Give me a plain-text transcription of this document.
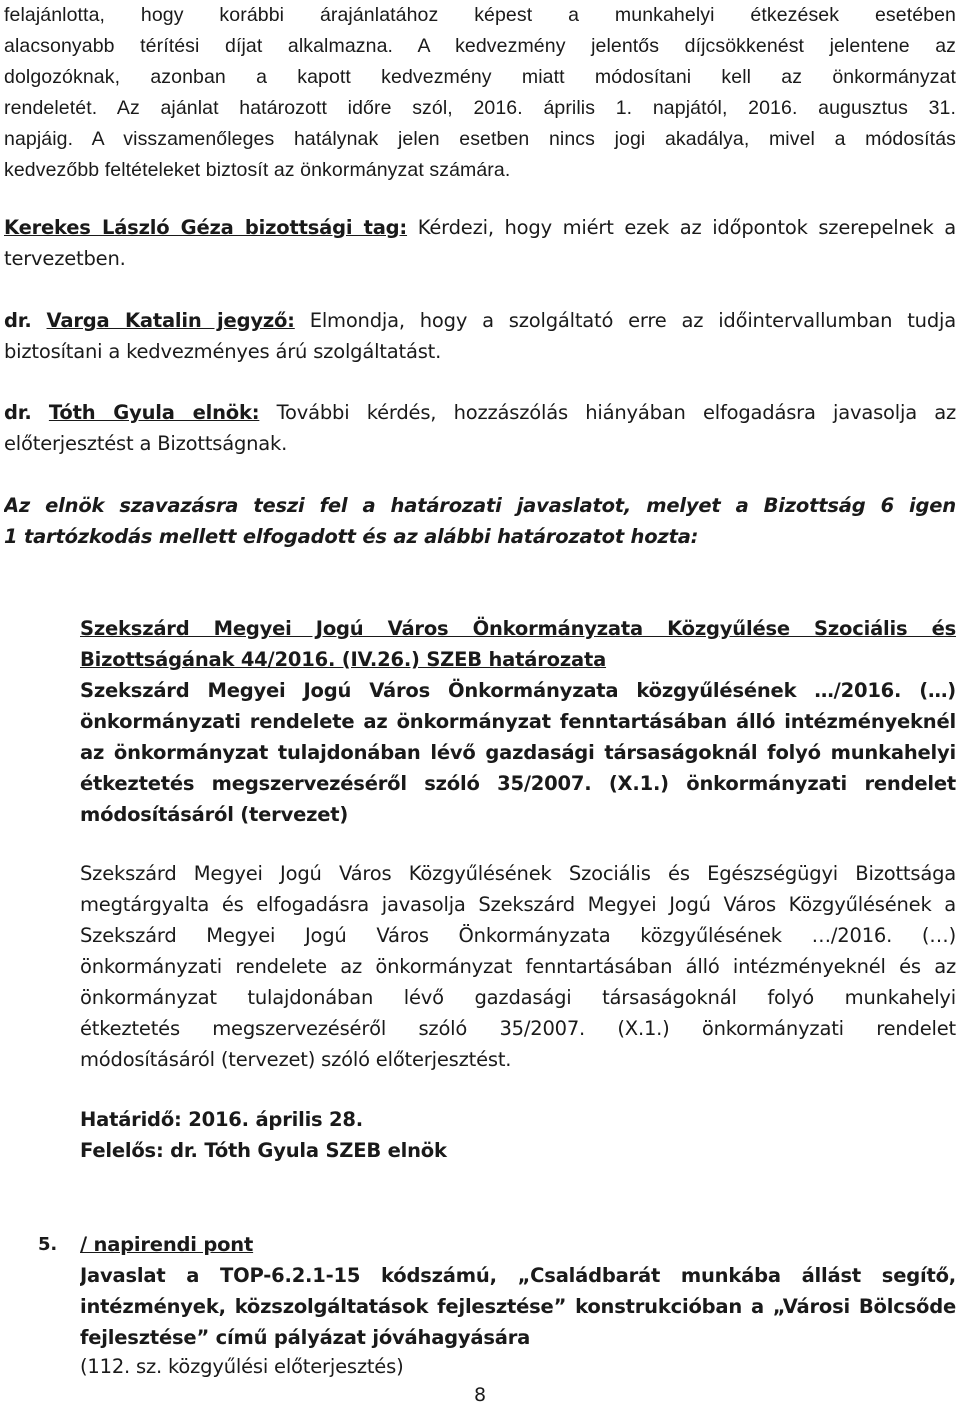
felajánlotta, hogy korábbi árajánlatához képest a munkahelyi étkezések esetében
alacsonyabb térítési díjat alkalmazna. A kedvezmény jelentős díjcsökkenést jelentene az
dolgozóknak, azonban a kapott kedvezmény miatt módosítani kell az önkormányzat
rendeletét. Az ajánlat határozott időre szól, 2016. április 1. napjától, 2016. augusztus 31.
napjáig. A visszamenőleges hatálynak jelen esetben nincs jogi akadálya, mivel a módosítás
kedvezőbb feltételeket biztosít az önkormányzat számára.
Kerekes László Géza bizottsági tag: Kérdezi, hogy miért ezek az időpontok szerepelnek a
tervezetben.
dr. Varga Katalin jegyző: Elmondja, hogy a szolgáltató erre az időintervallumban tudja
biztosítani a kedvezményes árú szolgáltatást.
dr. Tóth Gyula elnök: További kérdés, hozzászólás hiányában elfogadásra javasolja az
előterjesztést a Bizottságnak.
Az elnök szavazásra teszi fel a határozati javaslatot, melyet a Bizottság 6 igen
1 tartózkodás mellett elfogadott és az alábbi határozatot hozta:
Szekszárd Megyei Jogú Város Önkormányzata Közgyűlése Szociális és
Bizottságának 44/2016. (IV.26.) SZEB határozata
Szekszárd Megyei Jogú Város Önkormányzata közgyűlésének …/2016. (…)
önkormányzati rendelete az önkormányzat fenntartásában álló intézményeknél
az önkormányzat tulajdonában lévő gazdasági társaságoknál folyó munkahelyi
étkeztetés megszervezéséről szóló 35/2007. (X.1.) önkormányzati rendelet
módosításáról (tervezet)
Szekszárd Megyei Jogú Város Közgyűlésének Szociális és Egészségügyi Bizottsága
megtárgyalta és elfogadásra javasolja Szekszárd Megyei Jogú Város Közgyűlésének a
Szekszárd Megyei Jogú Város Önkormányzata közgyűlésének …/2016. (…)
önkormányzati rendelete az önkormányzat fenntartásában álló intézményeknél és az
önkormányzat tulajdonában lévő gazdasági társaságoknál folyó munkahelyi
étkeztetés megszervezéséről szóló 35/2007. (X.1.) önkormányzati rendelet
módosításáról (tervezet) szóló előterjesztést.
Határidő: 2016. április 28.
Felelős: dr. Tóth Gyula SZEB elnök
5. / napirendi pont
Javaslat a TOP-6.2.1-15 kódszámú, „Családbarát munkába állást segítő,
intézmények, közszolgáltatások fejlesztése” konstrukcióban a „Városi Bölcsőde
fejlesztése” című pályázat jóváhagyására
(112. sz. közgyűlési előterjesztés)
8
